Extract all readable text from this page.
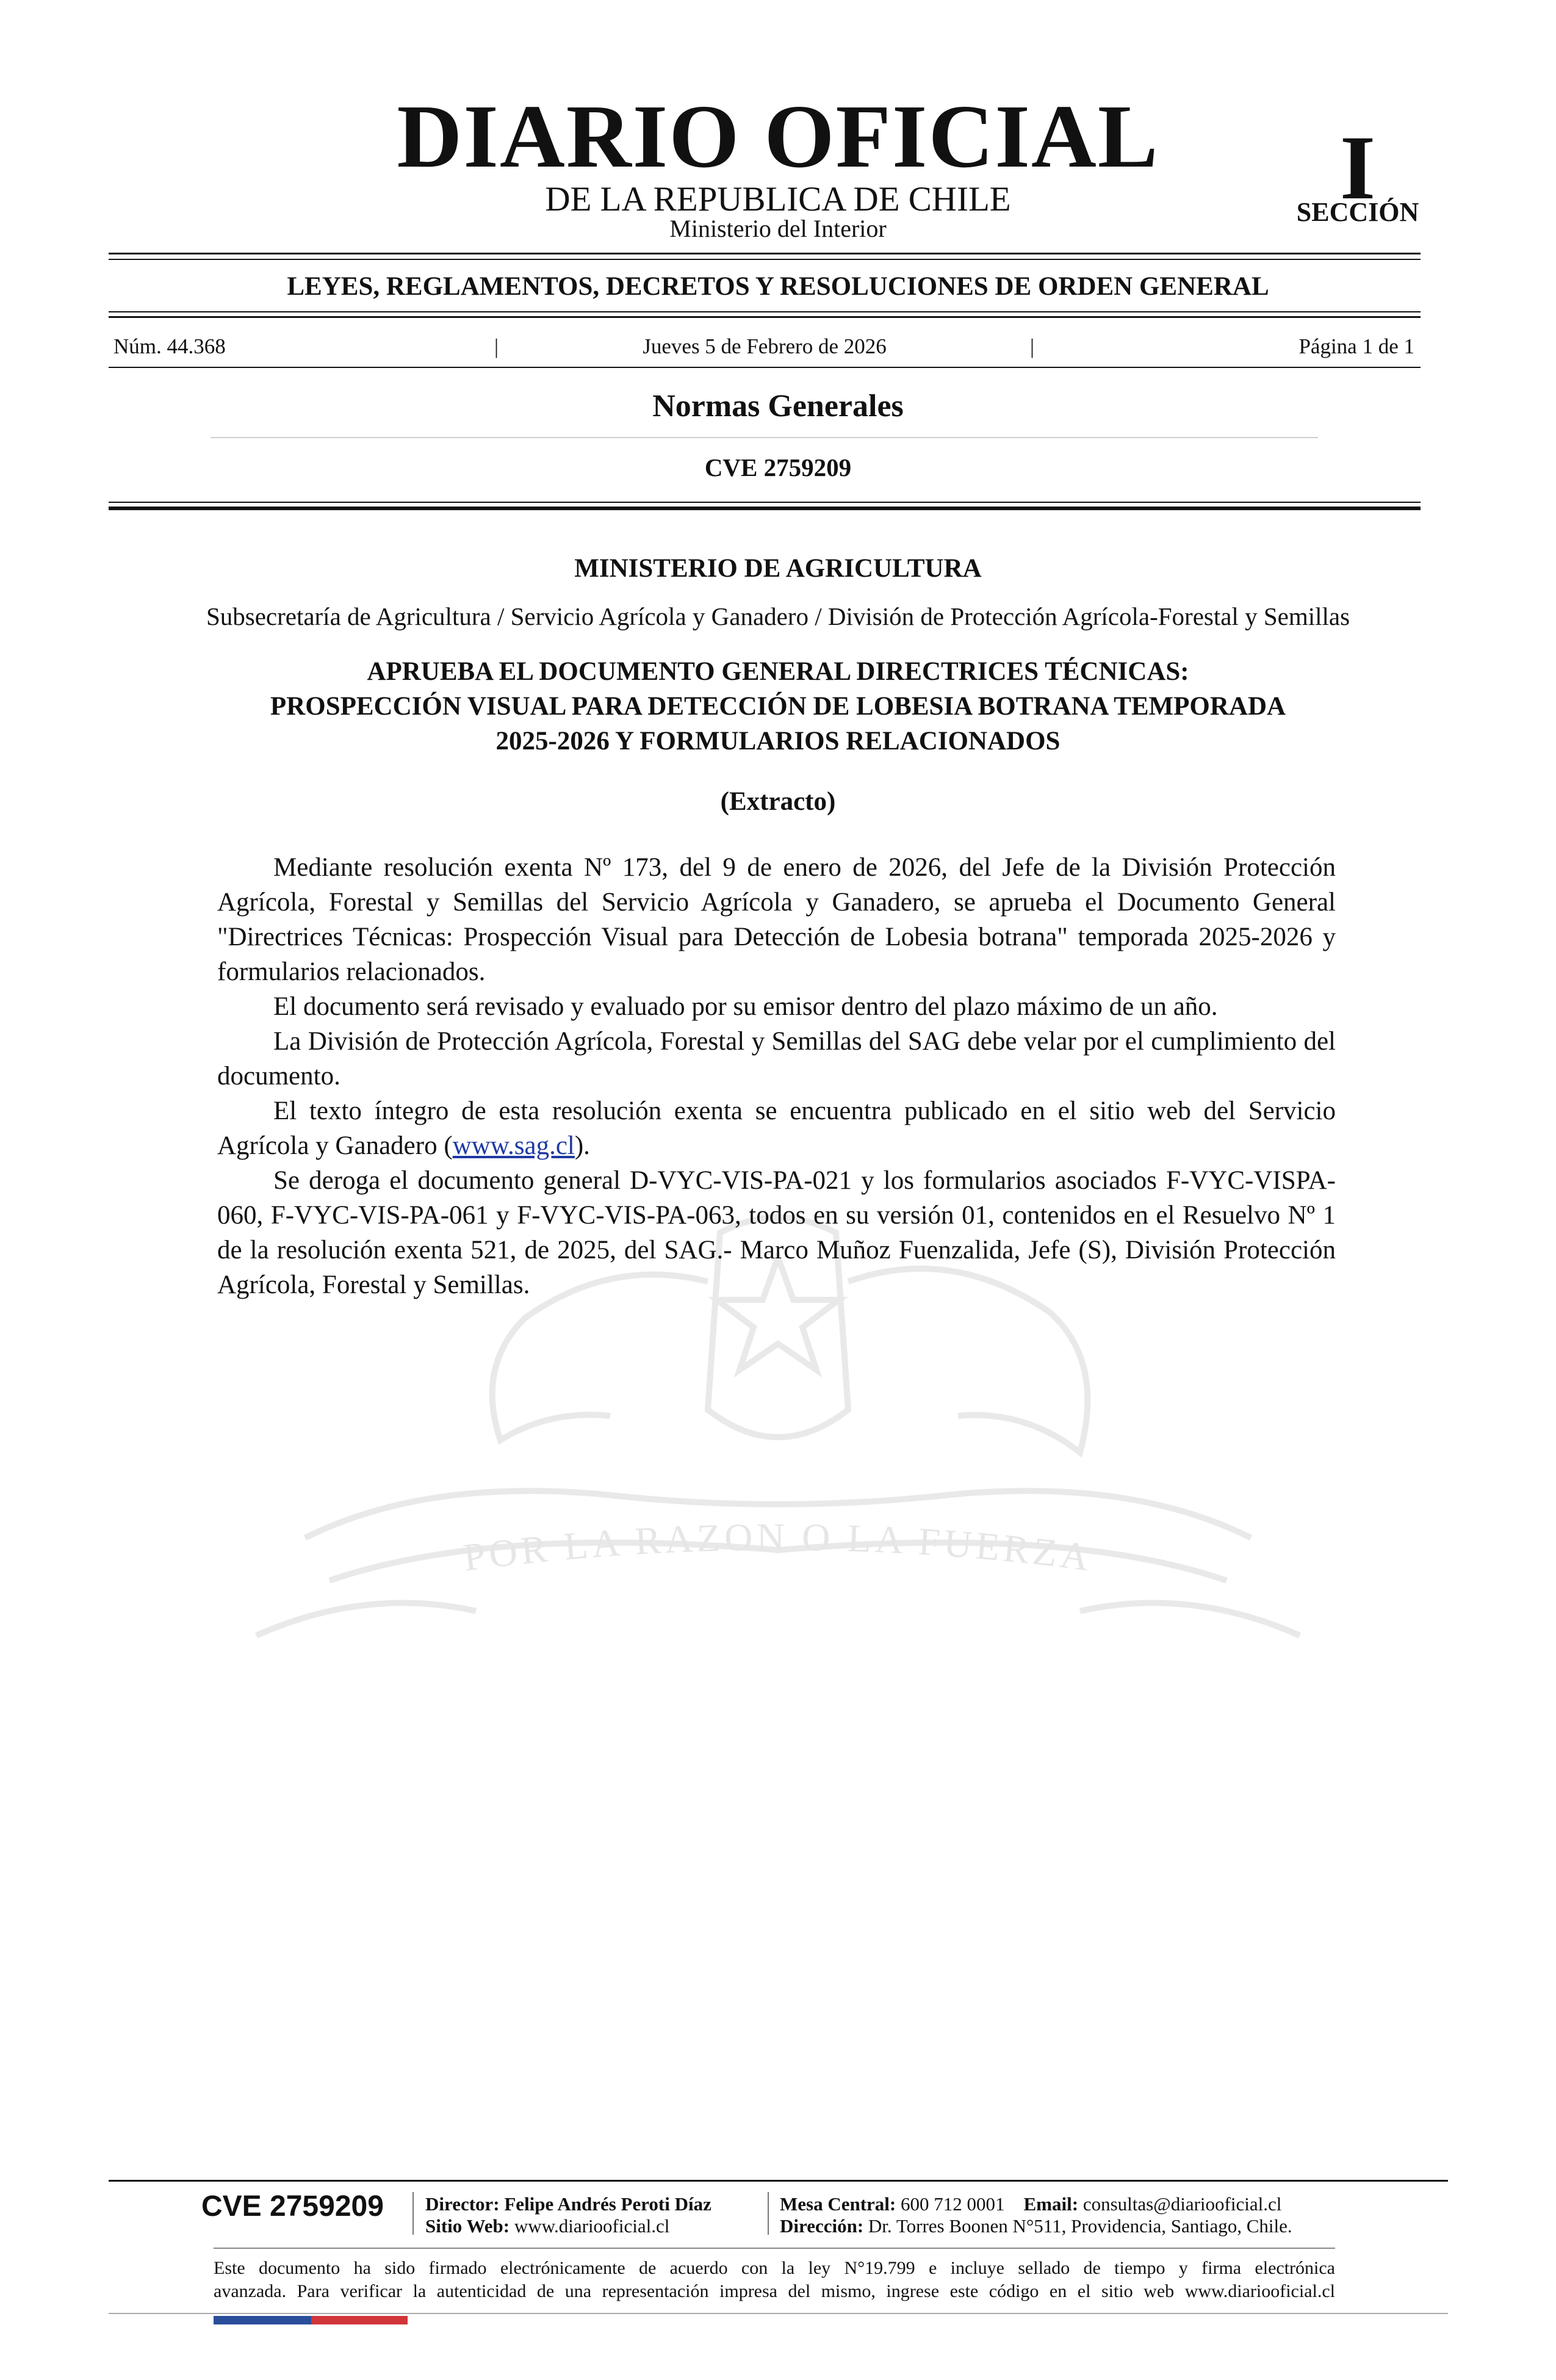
DIARIO OFICIAL
DE LA REPUBLICA DE CHILE
Ministerio del Interior
I
SECCIÓN
LEYES, REGLAMENTOS, DECRETOS Y RESOLUCIONES DE ORDEN GENERAL
Núm. 44.368	|	Jueves 5 de Febrero de 2026	|	Página 1 de 1
Normas Generales
CVE 2759209
POR LA RAZON O LA FUERZA
MINISTERIO DE AGRICULTURA
Subsecretaría de Agricultura / Servicio Agrícola y Ganadero / División de Protección Agrícola-Forestal y Semillas
APRUEBA EL DOCUMENTO GENERAL DIRECTRICES TÉCNICAS:
PROSPECCIÓN VISUAL PARA DETECCIÓN DE LOBESIA BOTRANA TEMPORADA
2025-2026 Y FORMULARIOS RELACIONADOS
(Extracto)

Mediante resolución exenta Nº 173, del 9 de enero de 2026, del Jefe de la División Protección Agrícola, Forestal y Semillas del Servicio Agrícola y Ganadero, se aprueba el Documento General "Directrices Técnicas: Prospección Visual para Detección de Lobesia botrana" temporada 2025-2026 y formularios relacionados.

El documento será revisado y evaluado por su emisor dentro del plazo máximo de un año.

La División de Protección Agrícola, Forestal y Semillas del SAG debe velar por el cumplimiento del documento.

El texto íntegro de esta resolución exenta se encuentra publicado en el sitio web del Servicio Agrícola y Ganadero (www.sag.cl).

Se deroga el documento general D-VYC-VIS-PA-021 y los formularios asociados F-VYC-VISPA-060, F-VYC-VIS-PA-061 y F-VYC-VIS-PA-063, todos en su versión 01, contenidos en el Resuelvo Nº 1 de la resolución exenta 521, de 2025, del SAG.- Marco Muñoz Fuenzalida, Jefe (S), División Protección Agrícola, Forestal y Semillas.

CVE 2759209	Director: Felipe Andrés Peroti Díaz
Sitio Web: www.diariooficial.cl
Mesa Central: 600 712 0001 Email: consultas@diariooficial.cl
Dirección: Dr. Torres Boonen N°511, Providencia, Santiago, Chile.
Este documento ha sido firmado electrónicamente de acuerdo con la ley N°19.799 e incluye sellado de tiempo y firma electrónica
avanzada. Para verificar la autenticidad de una representación impresa del mismo, ingrese este código en el sitio web www.diariooficial.cl
